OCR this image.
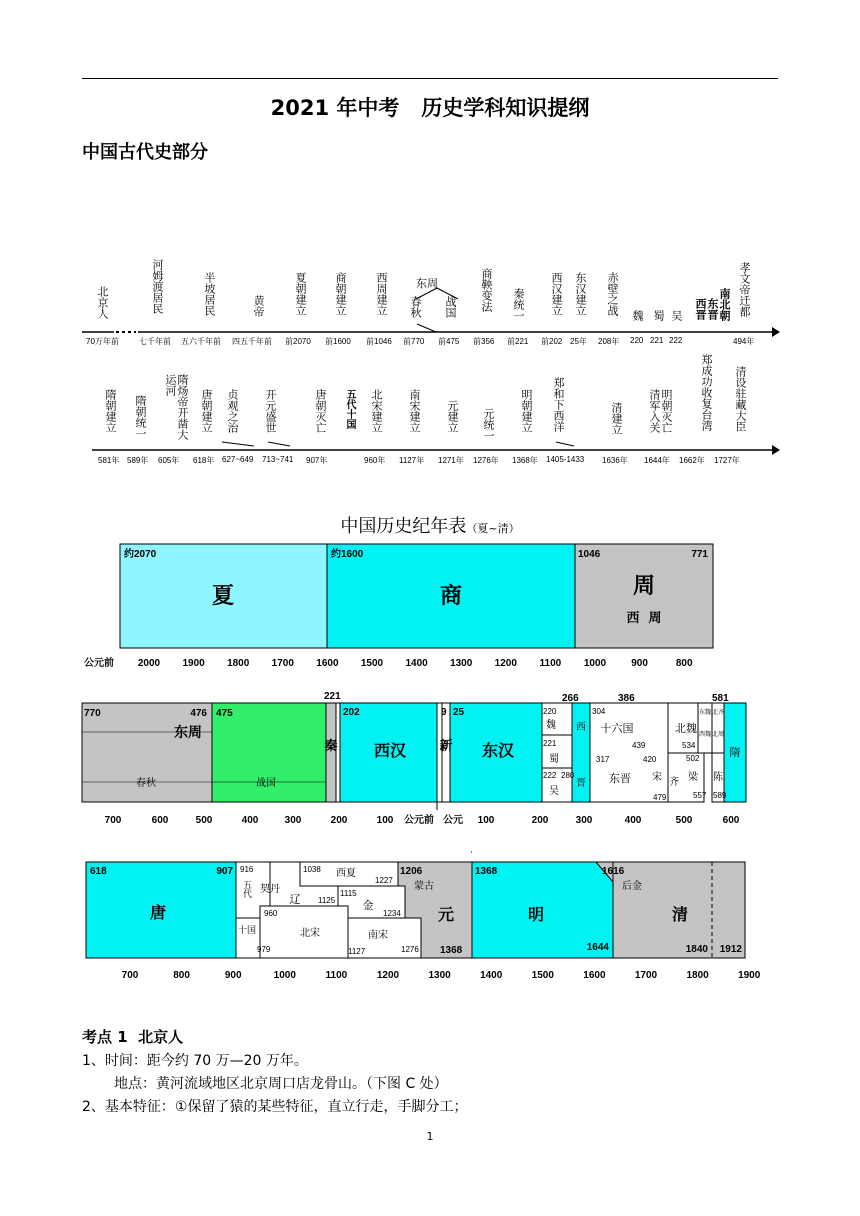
2021 年中考   历史学科知识提纲
中国古代史部分
北京人	河姆渡居民	半坡居民	黄帝	夏朝建立 商朝建立	西周建立	东周
春秋 战国 商鞅变法 秦统一 西汉建立 东汉建立 赤壁之战 魏 蜀 吴 西晋 东晋 南北朝 孝文帝迁都
70万年前	七千年前 五六千年前 四五千年前 前2070 前1600 前1046 前770 前475 前356 前221 前202 25年 208年 220 221 222	494年
隋朝建立 隋朝统一	隋炀帝开凿大运河
唐朝建立 贞观之治 开元盛世	唐朝灭亡 五代十国 北宋建立 南宋建立 元建立 元统一 明朝建立 郑和下西洋	清建立	明朝灭亡清军入关	郑成功收复台湾	清设驻藏大臣
581年 589年 605年 618年 627~649 713~741 907年	960年 1127年 1271年 1276年 1368年 1405-1433 1636年 1644年 1662年 1727年
中国历史纪年表（夏~清）
约2070	约1600	1046	771
夏	商	周
西  周
公元前 2000 1900 1800 1700 1600 1500 1400 1300 1200 1100 1000	900	800
770	476 475
221
202	9 25	220
221
222 280
266
304
386
439	534
581
317	420
479
502
557 589
东周
春秋	战国
秦 西汉	新 东汉
魏
蜀
吴
西
晋
十六国	北魏
东晋 宋 齐 梁 陈
隋
东魏
西魏
北齐
北周
700	600	500	400	300	200	100 公元前 公元 100	200	300	400	500	600
·
618	907 916	1038
1227
1206	1368	1616
1115
1125
960	1234
979	1127	1276 1368	1644	1840 1912
唐
五代
十国
契丹
辽
西夏
金
北宋	南宋
蒙古
元	明
后金
清
700	800	900	1000	1100	1200	1300	1400	1500	1600	1700	1800	1900
考点 1  北京人
1、时间：距今约 70 万—20 万年。
地点：黄河流域地区北京周口店龙骨山。（下图 C 处）
2、基本特征：①保留了猿的某些特征，直立行走，手脚分工；
1
